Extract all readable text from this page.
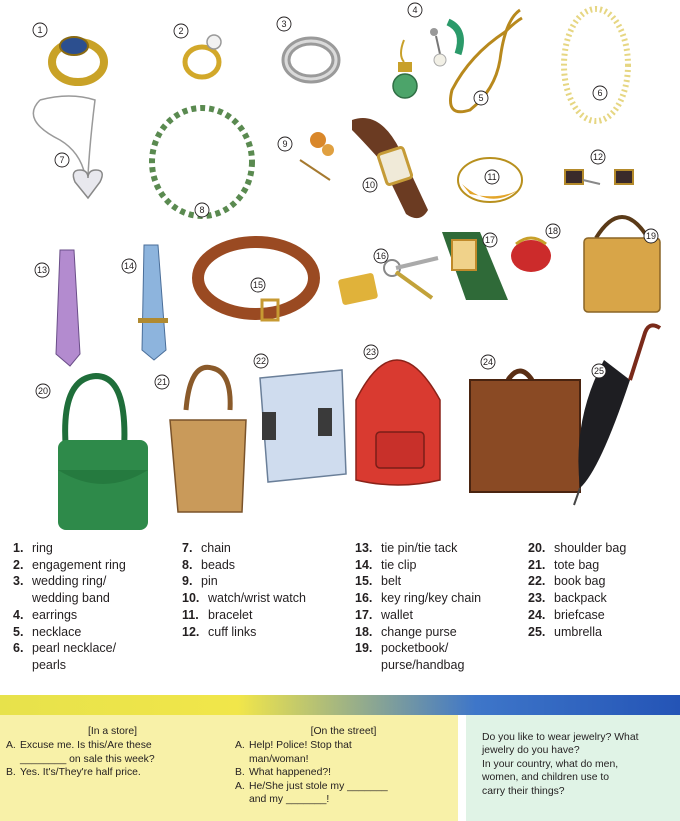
1	2
3
4
5	6
7
8
9
10
11
12
13	14
15
16
17
18	19
20
21
22
23
24
25
1. ring
2. engagement ring
3. wedding ring/
wedding band
4. earrings
5. necklace
6. pearl necklace/
pearls
7. chain
8. beads
9. pin
10. watch/wrist watch
11. bracelet
12. cuff links
13. tie pin/tie tack
14. tie clip
15. belt
16. key ring/key chain
17. wallet
18. change purse
19. pocketbook/
purse/handbag
20. shoulder bag
21. tote bag
22. book bag
23. backpack
24. briefcase
25. umbrella
[In a store]
A. Excuse me. Is this/Are these
________ on sale this week?
B. Yes. It's/They're half price.
[On the street]
A. Help! Police! Stop that
man/woman!
B. What happened?!
A. He/She just stole my _______
and my _______!
Do you like to wear jewelry? What
jewelry do you have?
In your country, what do men,
women, and children use to
carry their things?
